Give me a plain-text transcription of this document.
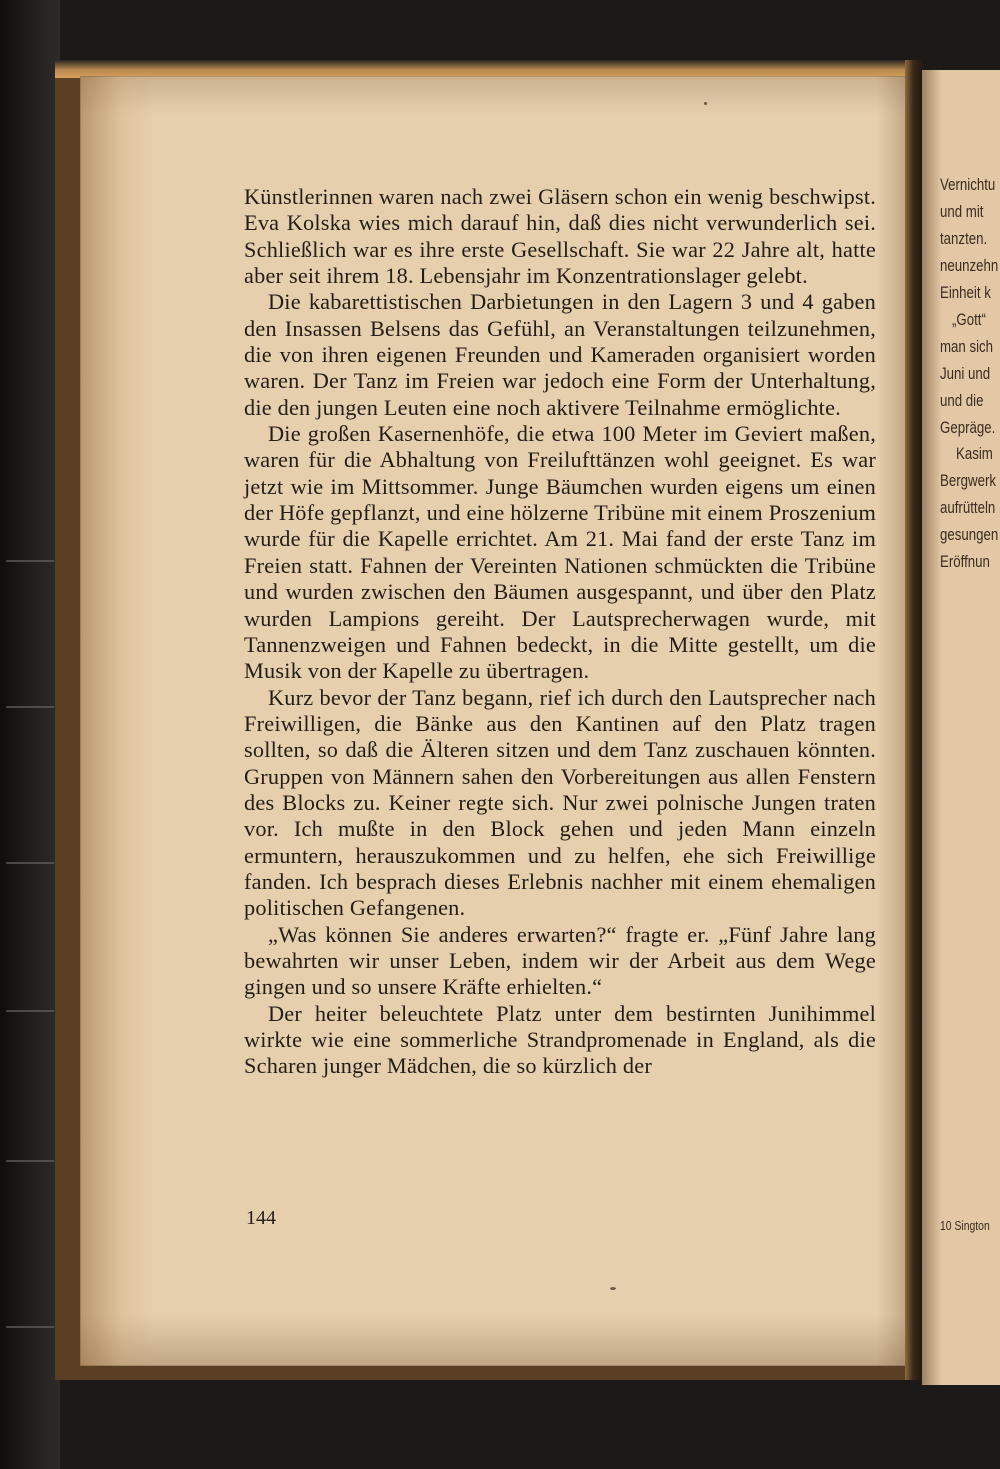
Künstlerinnen waren nach zwei Gläsern schon ein wenig beschwipst. Eva Kolska wies mich darauf hin, daß dies nicht verwunderlich sei. Schließlich war es ihre erste Gesellschaft. Sie war 22 Jahre alt, hatte aber seit ihrem 18. Lebensjahr im Konzentrationslager gelebt.

Die kabarettistischen Darbietungen in den Lagern 3 und 4 gaben den Insassen Belsens das Gefühl, an Veranstaltungen teilzunehmen, die von ihren eigenen Freunden und Kameraden organisiert worden waren. Der Tanz im Freien war jedoch eine Form der Unterhaltung, die den jungen Leuten eine noch aktivere Teilnahme ermöglichte.

Die großen Kasernenhöfe, die etwa 100 Meter im Geviert maßen, waren für die Abhaltung von Freilufttänzen wohl geeignet. Es war jetzt wie im Mittsommer. Junge Bäumchen wurden eigens um einen der Höfe gepflanzt, und eine hölzerne Tribüne mit einem Proszenium wurde für die Kapelle errichtet. Am 21. Mai fand der erste Tanz im Freien statt. Fahnen der Vereinten Nationen schmückten die Tribüne und wurden zwischen den Bäumen ausgespannt, und über den Platz wurden Lampions gereiht. Der Lautsprecherwagen wurde, mit Tannenzweigen und Fahnen bedeckt, in die Mitte gestellt, um die Musik von der Kapelle zu übertragen.

Kurz bevor der Tanz begann, rief ich durch den Lautsprecher nach Freiwilligen, die Bänke aus den Kantinen auf den Platz tragen sollten, so daß die Älteren sitzen und dem Tanz zuschauen könnten. Gruppen von Männern sahen den Vorbereitungen aus allen Fenstern des Blocks zu. Keiner regte sich. Nur zwei polnische Jungen traten vor. Ich mußte in den Block gehen und jeden Mann einzeln ermuntern, herauszukommen und zu helfen, ehe sich Freiwillige fanden. Ich besprach dieses Erlebnis nachher mit einem ehemaligen politischen Gefangenen.

„Was können Sie anderes erwarten?“ fragte er. „Fünf Jahre lang bewahrten wir unser Leben, indem wir der Arbeit aus dem Wege gingen und so unsere Kräfte erhielten.“

Der heiter beleuchtete Platz unter dem bestirnten Junihimmel wirkte wie eine sommerliche Strandpromenade in England, als die Scharen junger Mädchen, die so kürzlich der

144
Vernichtu
und mit
tanzten.
neunzehn
Einheit k
„Gott“
man sich
Juni und
und die
Gepräge.
Kasim
Bergwerk
aufrütteln
gesungen
Eröffnun
10 Sington
